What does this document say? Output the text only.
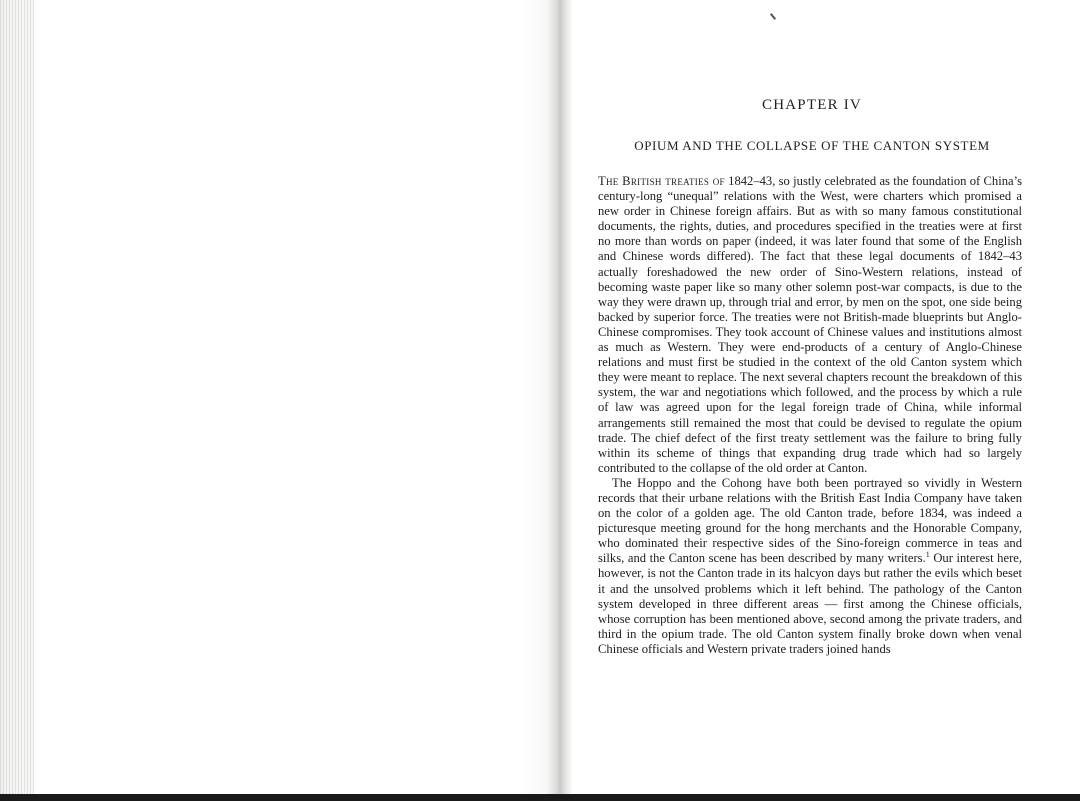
CHAPTER IV
OPIUM AND THE COLLAPSE OF THE CANTON SYSTEM

The British treaties of 1842–43, so justly celebrated as the foundation of China’s century-long “unequal” relations with the West, were charters which promised a new order in Chinese foreign affairs. But as with so many famous constitutional documents, the rights, duties, and procedures specified in the treaties were at first no more than words on paper (indeed, it was later found that some of the English and Chinese words differed). The fact that these legal documents of 1842–43 actually foreshadowed the new order of Sino-Western relations, instead of becoming waste paper like so many other solemn post-war compacts, is due to the way they were drawn up, through trial and error, by men on the spot, one side being backed by superior force. The treaties were not British-made blueprints but Anglo-Chinese compromises. They took account of Chinese values and institutions almost as much as Western. They were end-products of a century of Anglo-Chinese relations and must first be studied in the context of the old Canton system which they were meant to replace. The next several chapters recount the breakdown of this system, the war and negotiations which followed, and the process by which a rule of law was agreed upon for the legal foreign trade of China, while informal arrangements still remained the most that could be devised to regulate the opium trade. The chief defect of the first treaty settlement was the failure to bring fully within its scheme of things that expanding drug trade which had so largely contributed to the collapse of the old order at Canton.

The Hoppo and the Cohong have both been portrayed so vividly in Western records that their urbane relations with the British East India Company have taken on the color of a golden age. The old Canton trade, before 1834, was indeed a picturesque meeting ground for the hong merchants and the Honorable Company, who dominated their respective sides of the Sino-foreign commerce in teas and silks, and the Canton scene has been described by many writers.$^1$ Our interest here, however, is not the Canton trade in its halcyon days but rather the evils which beset it and the unsolved problems which it left behind. The pathology of the Canton system developed in three different areas — first among the Chinese officials, whose corruption has been mentioned above, second among the private traders, and third in the opium trade. The old Canton system finally broke down when venal Chinese officials and Western private traders joined hands
